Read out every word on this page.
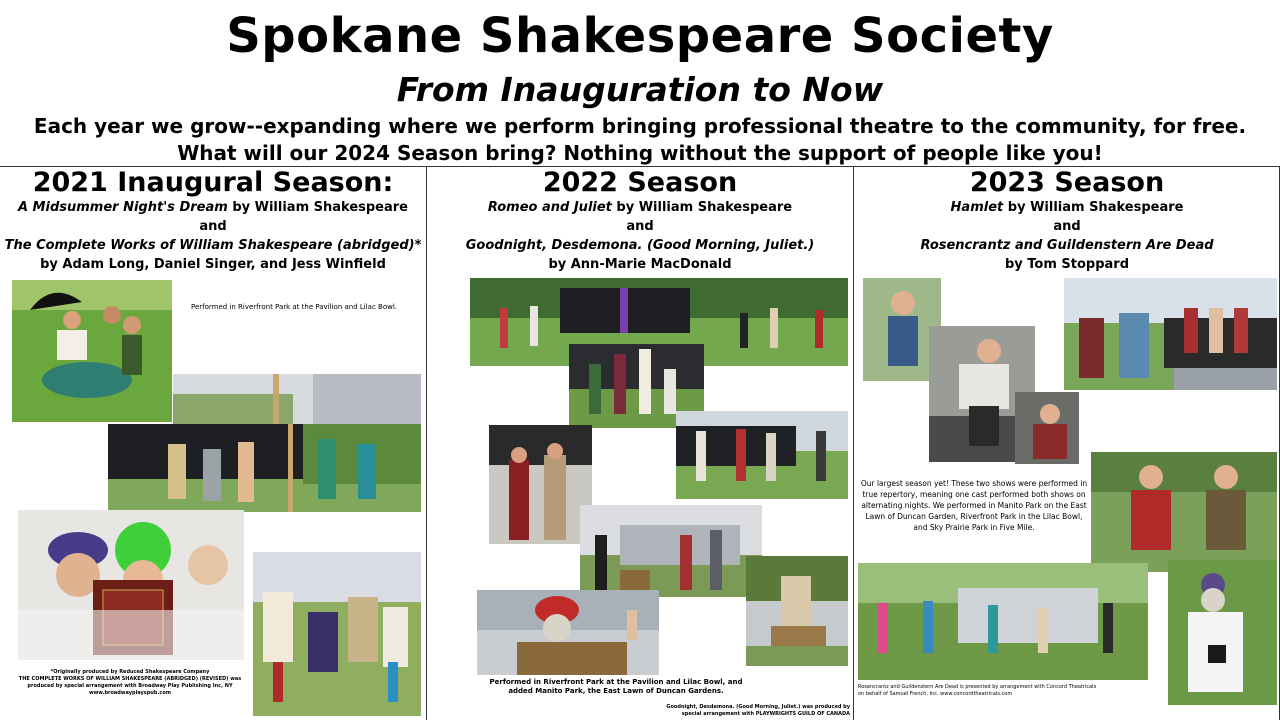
Spokane Shakespeare Society
From Inauguration to Now
Each year we grow--expanding where we perform bringing professional theatre to the community, for free.
What will our 2024 Season bring? Nothing without the support of people like you!
2021 Inaugural Season:
A Midsummer Night's Dream by William Shakespeare
and
The Complete Works of William Shakespeare (abridged)*
by Adam Long, Daniel Singer, and Jess Winfield
Performed in Riverfront Park at the Pavilion and Lilac Bowl.
*Originally produced by Reduced Shakespeare Company
THE COMPLETE WORKS OF WILLIAM SHAKESPEARE (ABRIDGED) (REVISED) was
produced by special arrangement with Broadway Play Publishing Inc, NY
www.broadwayplayspub.com
2022 Season
Romeo and Juliet by William Shakespeare
and
Goodnight, Desdemona. (Good Morning, Juliet.)
by Ann-Marie MacDonald
Performed in Riverfront Park at the Pavilion and Lilac Bowl, and
added Manito Park, the East Lawn of Duncan Gardens.
Goodnight, Desdemona. (Good Morning, Juliet.) was produced by
special arrangement with PLAYWRIGHTS GUILD OF CANADA
2023 Season
Hamlet by William Shakespeare
and
Rosencrantz and Guildenstern Are Dead
by Tom Stoppard
Our largest season yet! These two shows were performed in
true repertory, meaning one cast performed both shows on
alternating nights. We performed in Manito Park on the East
Lawn of Duncan Garden, Riverfront Park in the Lilac Bowl,
and Sky Prairie Park in Five Mile.
Rosencrantz and Guildenstern Are Dead is presented by arrangement with Concord Theatricals
on behalf of Samuel French, Inc. www.concordtheatricals.com
